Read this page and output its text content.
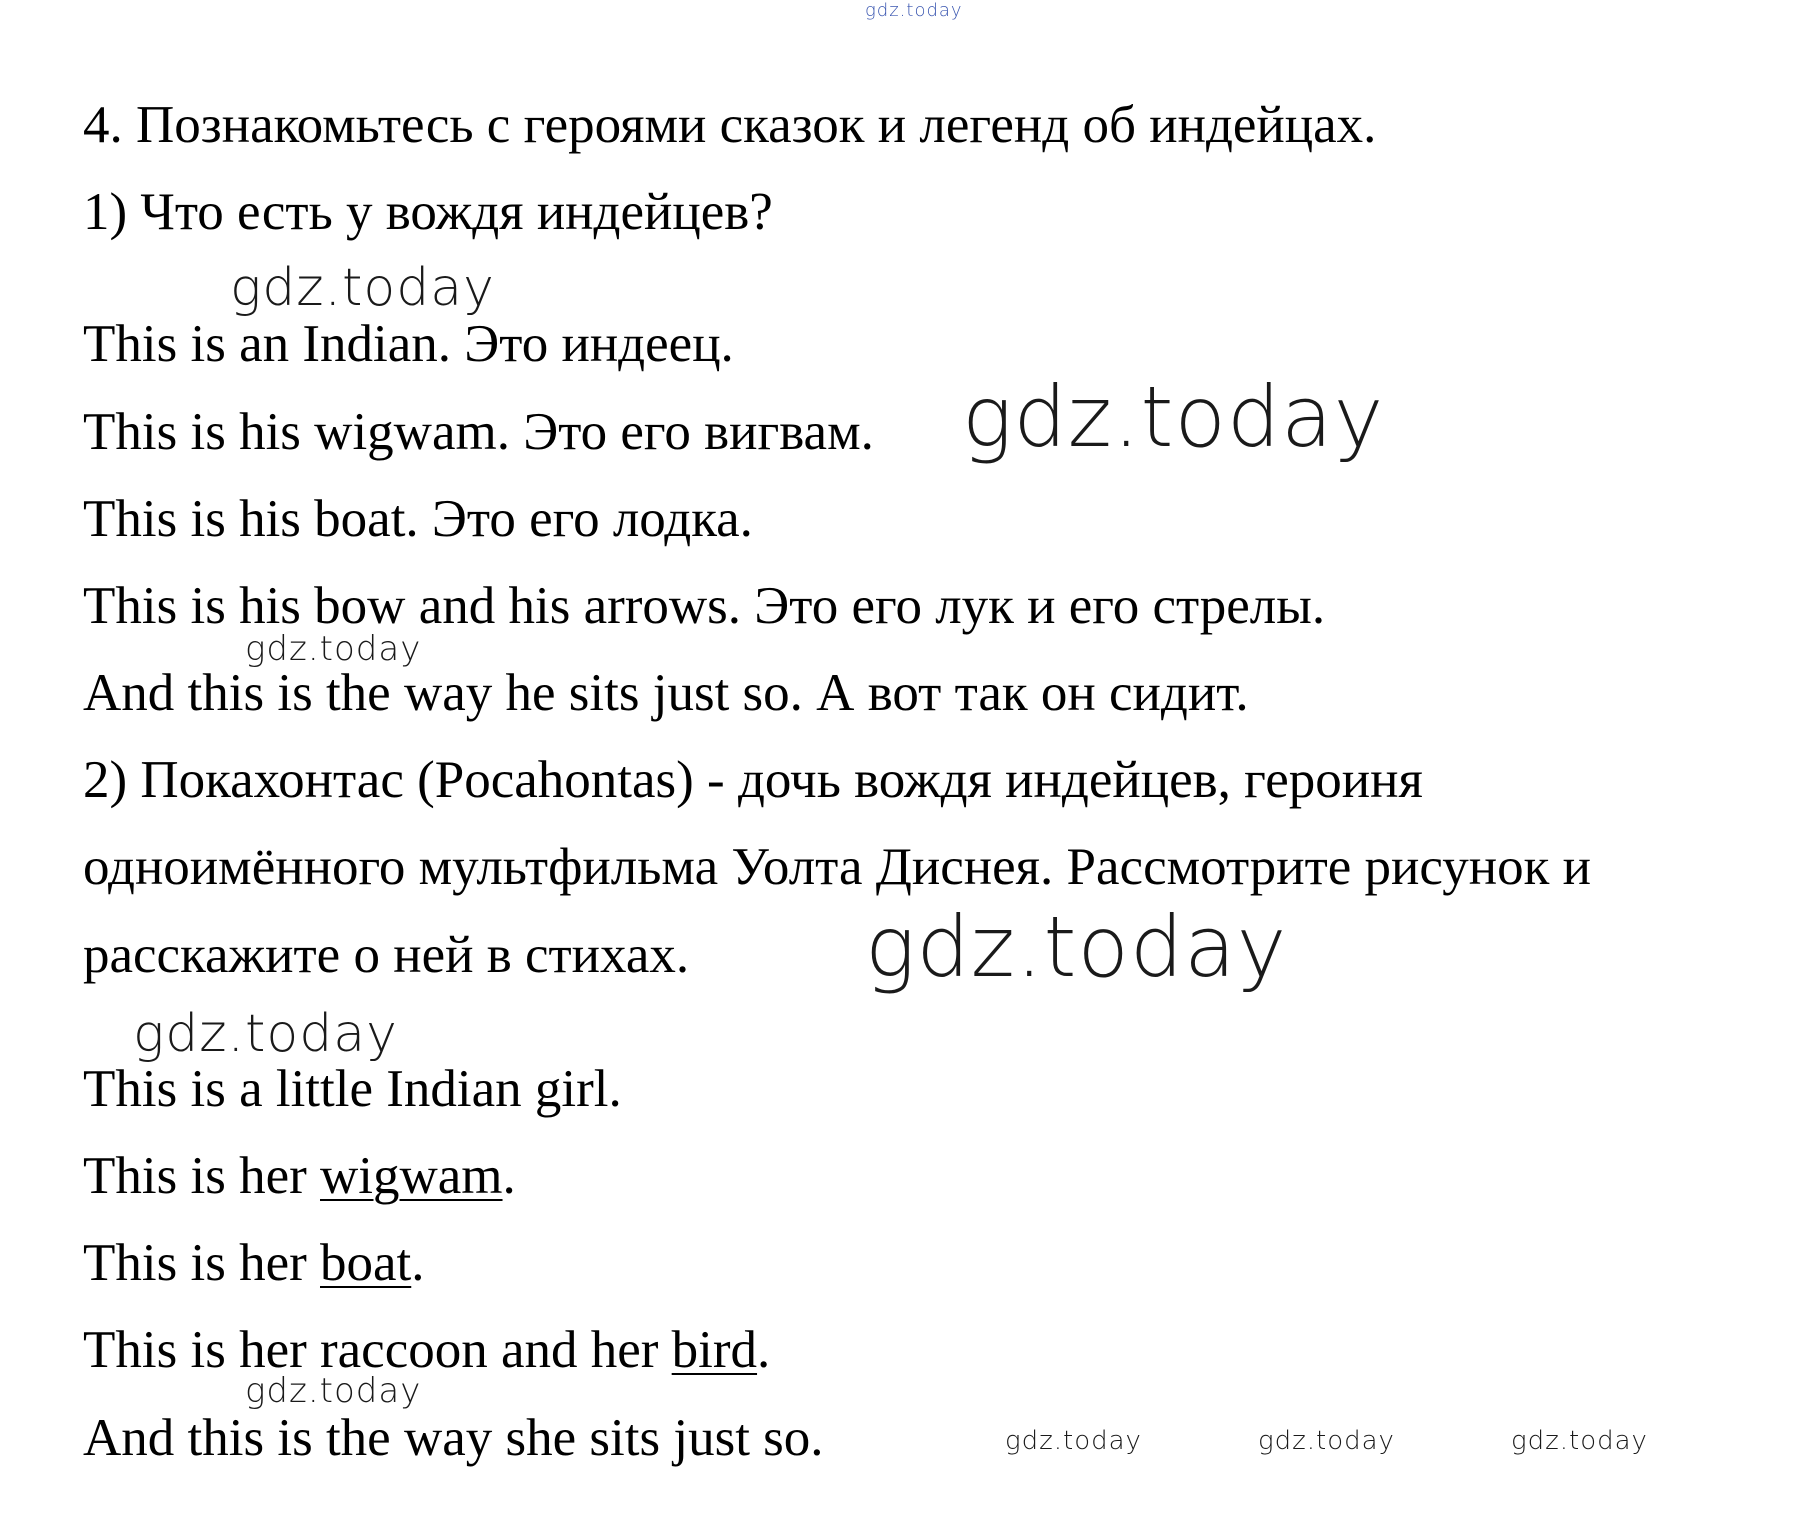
gdz.today
gdz.today
gdz.today
gdz.today
gdz.today
gdz.today
gdz.today
gdz.today	gdz.today	gdz.today
4. Познакомьтесь с героями сказок и легенд об индейцах.
1) Что есть у вождя индейцев?
This is an Indian. Это индеец.
This is his wigwam. Это его вигвам.
This is his boat. Это его лодка.
This is his bow and his arrows. Это его лук и его стрелы.
And this is the way he sits just so. А вот так он сидит.
2) Покахонтас (Pocahontas) - дочь вождя индейцев, героиня
одноимённого мультфильма Уолта Диснея. Рассмотрите рисунок и
расскажите о ней в стихах.
This is a little Indian girl.
This is her wigwam.
This is her boat.
This is her raccoon and her bird.
And this is the way she sits just so.
